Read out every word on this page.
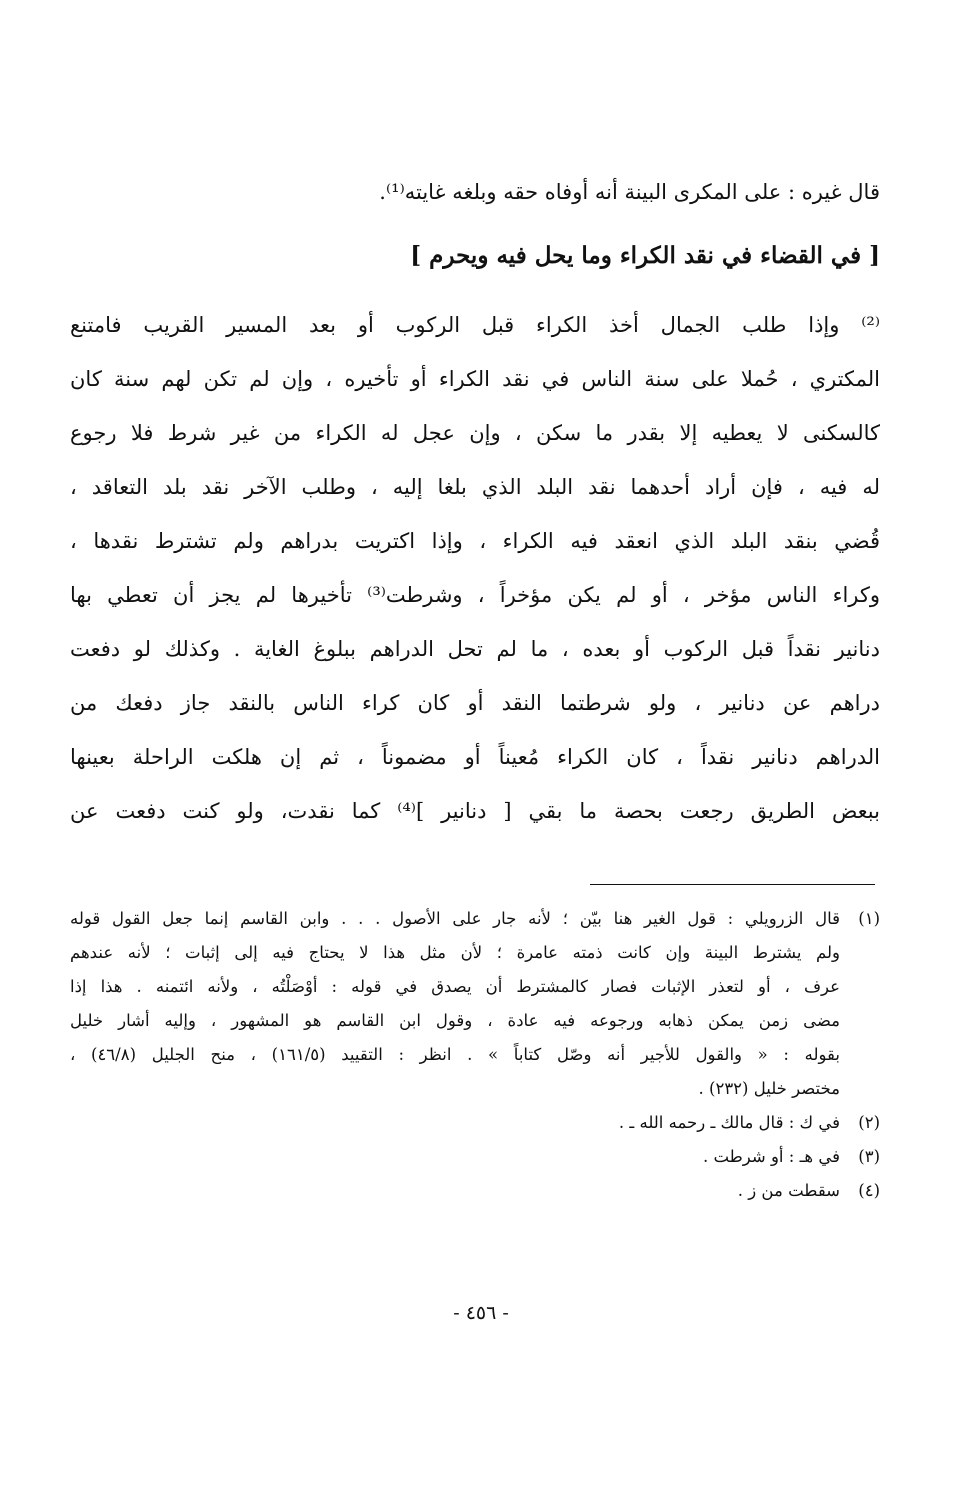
قال غيره : على المكرى البينة أنه أوفاه حقه وبلغه غايته⁽¹⁾.
[ في القضاء في نقد الكراء وما يحل فيه ويحرم ]
⁽²⁾ وإذا طلب الجمال أخذ الكراء قبل الركوب أو بعد المسير القريب فامتنع
المكتري ، حُملا على سنة الناس في نقد الكراء أو تأخيره ، وإن لم تكن لهم سنة كان
كالسكنى لا يعطيه إلا بقدر ما سكن ، وإن عجل له الكراء من غير شرط فلا رجوع
له فيه ، فإن أراد أحدهما نقد البلد الذي بلغا إليه ، وطلب الآخر نقد بلد التعاقد ،
قُضي بنقد البلد الذي انعقد فيه الكراء ، وإذا اكتريت بدراهم ولم تشترط نقدها ،
وكراء الناس مؤخر ، أو لم يكن مؤخراً ، وشرطت⁽³⁾ تأخيرها لم يجز أن تعطي بها
دنانير نقداً قبل الركوب أو بعده ، ما لم تحل الدراهم ببلوغ الغاية . وكذلك لو دفعت
دراهم عن دنانير ، ولو شرطتما النقد أو كان كراء الناس بالنقد جاز دفعك من
الدراهم دنانير نقداً ، كان الكراء مُعيناً أو مضموناً ، ثم إن هلكت الراحلة بعينها
ببعض الطريق رجعت بحصة ما بقي [ دنانير ]⁽⁴⁾ كما نقدت، ولو كنت دفعت عن
(١)قال الزرويلي : قول الغير هنا بيّن ؛ لأنه جار على الأصول . . . وابن القاسم إنما جعل القول قوله
ولم يشترط البينة وإن كانت ذمته عامرة ؛ لأن مثل هذا لا يحتاج فيه إلى إثبات ؛ لأنه عندهم
عرف ، أو لتعذر الإثبات فصار كالمشترط أن يصدق في قوله : أوْصَلْتُه ، ولأنه ائتمنه . هذا إذا
مضى زمن يمكن ذهابه ورجوعه فيه عادة ، وقول ابن القاسم هو المشهور ، وإليه أشار خليل
بقوله : « والقول للأجير أنه وصّل كتاباً » . انظر : التقييد (١٦١/٥) ، منح الجليل (٤٦/٨) ،
مختصر خليل (٢٣٢) .
(٢)في ك : قال مالك ـ رحمه الله ـ .
(٣)في هـ : أو شرطت .
(٤)سقطت من ز .
- ٤٥٦ -
